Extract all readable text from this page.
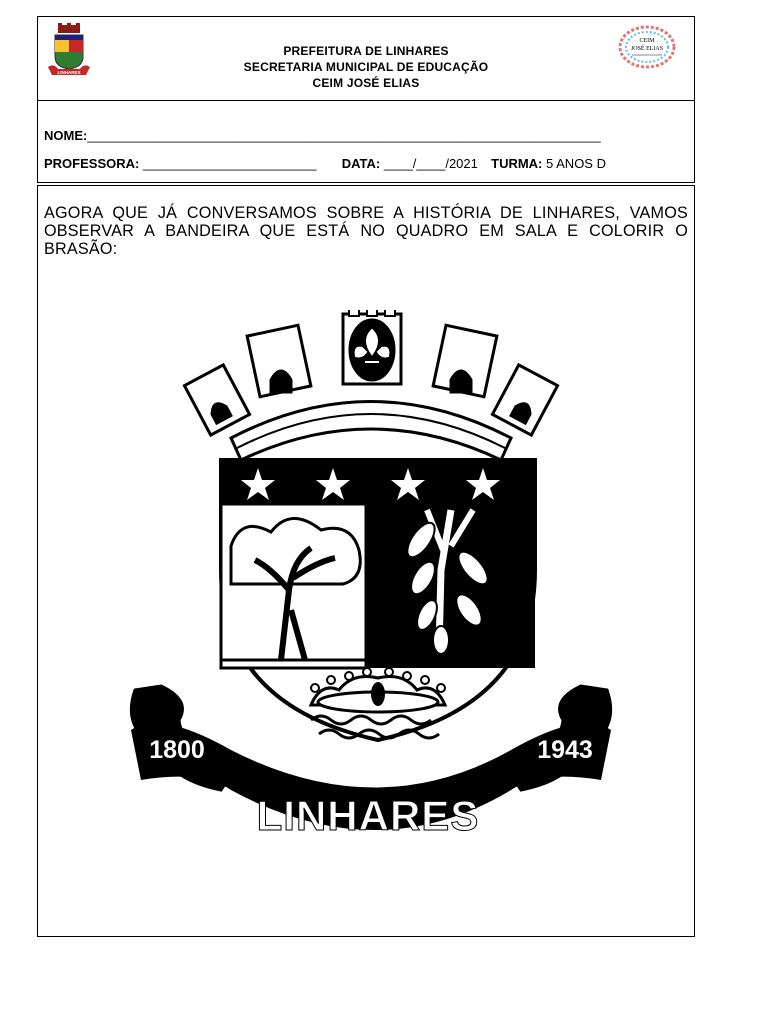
LINHARES
PREFEITURA DE LINHARES
SECRETARIA MUNICIPAL DE EDUCAÇÃO
CEIM JOSÉ ELIAS
CEIM
JOSÉ ELIAS
NOME:_______________________________________________________________________
PROFESSORA: ________________________ DATA: ____/____/2021 TURMA: 5 ANOS D
AGORA QUE JÁ CONVERSAMOS SOBRE A HISTÓRIA DE LINHARES, VAMOS OBSERVAR A BANDEIRA QUE ESTÁ NO QUADRO EM SALA E COLORIR O BRASÃO:
1800	1943
LINHARES
